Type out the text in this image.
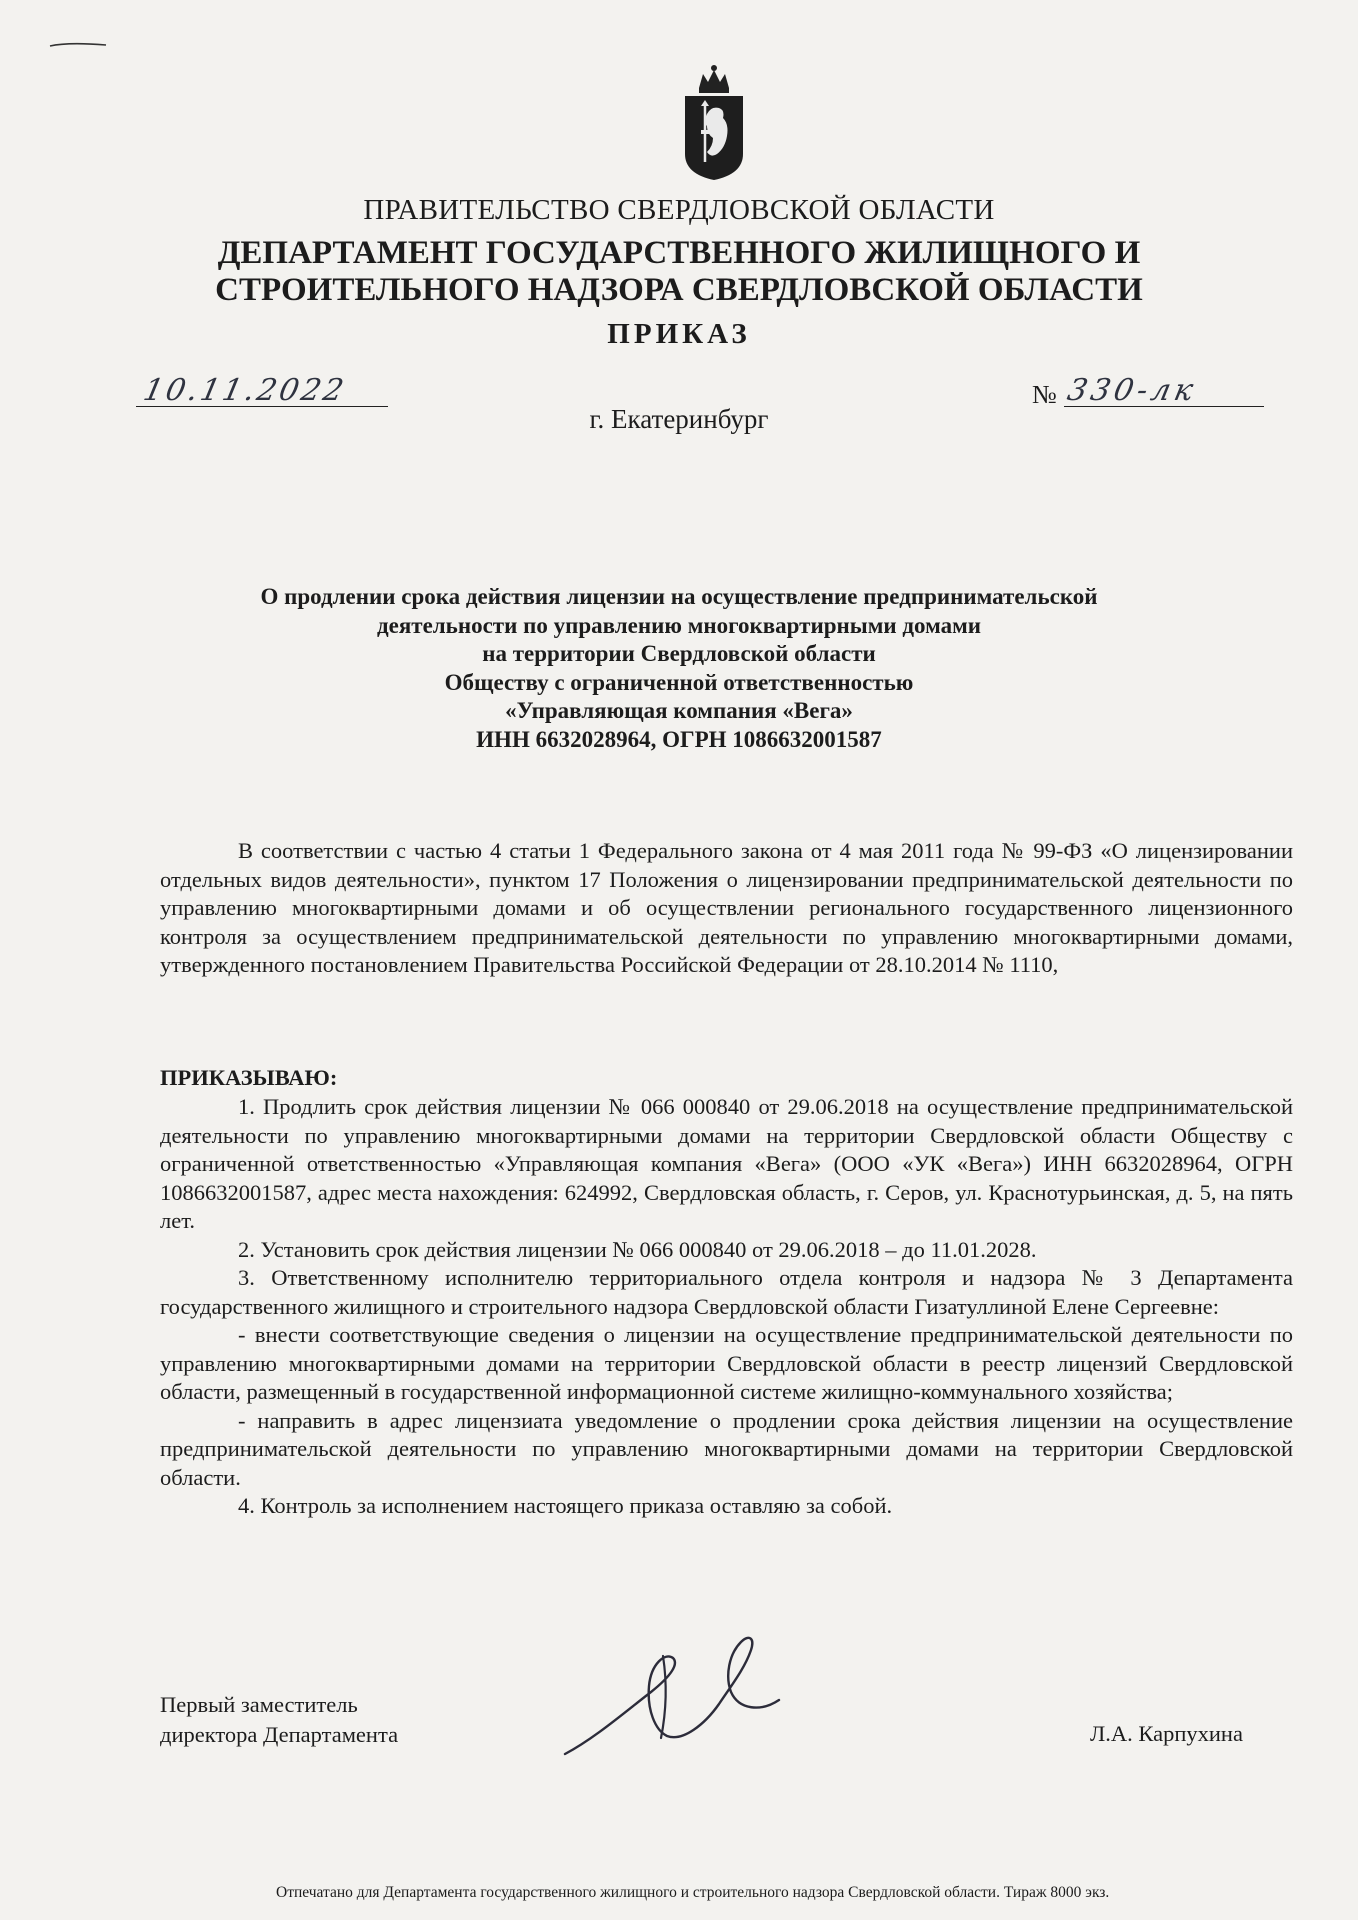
ПРАВИТЕЛЬСТВО СВЕРДЛОВСКОЙ ОБЛАСТИ
ДЕПАРТАМЕНТ ГОСУДАРСТВЕННОГО ЖИЛИЩНОГО И
СТРОИТЕЛЬНОГО НАДЗОРА СВЕРДЛОВСКОЙ ОБЛАСТИ
ПРИКАЗ
10.11.2022	№ 330-лк
г. Екатеринбург
О продлении срока действия лицензии на осуществление предпринимательской
деятельности по управлению многоквартирными домами
на территории Свердловской области
Обществу с ограниченной ответственностью
«Управляющая компания «Вега»
ИНН 6632028964, ОГРН 1086632001587

В соответствии с частью 4 статьи 1 Федерального закона от 4 мая 2011 года № 99-ФЗ «О лицензировании отдельных видов деятельности», пунктом 17 Положения о лицензировании предпринимательской деятельности по управлению многоквартирными домами и об осуществлении регионального государственного лицензионного контроля за осуществлением предпринимательской деятельности по управлению многоквартирными домами, утвержденного постановлением Правительства Российской Федерации от 28.10.2014 № 1110,

ПРИКАЗЫВАЮ:

1. Продлить срок действия лицензии № 066 000840 от 29.06.2018 на осуществление предпринимательской деятельности по управлению многоквартирными домами на территории Свердловской области Обществу с ограниченной ответственностью «Управляющая компания «Вега» (ООО «УК «Вега») ИНН 6632028964, ОГРН 1086632001587, адрес места нахождения: 624992, Свердловская область, г. Серов, ул. Краснотурьинская, д. 5, на пять лет.

2. Установить срок действия лицензии № 066 000840 от 29.06.2018 – до 11.01.2028.

3. Ответственному исполнителю территориального отдела контроля и надзора № 3 Департамента государственного жилищного и строительного надзора Свердловской области Гизатуллиной Елене Сергеевне:

- внести соответствующие сведения о лицензии на осуществление предпринимательской деятельности по управлению многоквартирными домами на территории Свердловской области в реестр лицензий Свердловской области, размещенный в государственной информационной системе жилищно-коммунального хозяйства;

- направить в адрес лицензиата уведомление о продлении срока действия лицензии на осуществление предпринимательской деятельности по управлению многоквартирными домами на территории Свердловской области.

4. Контроль за исполнением настоящего приказа оставляю за собой.

Первый заместитель
директора Департамента	Л.А. Карпухина
Отпечатано для Департамента государственного жилищного и строительного надзора Свердловской области. Тираж 8000 экз.
